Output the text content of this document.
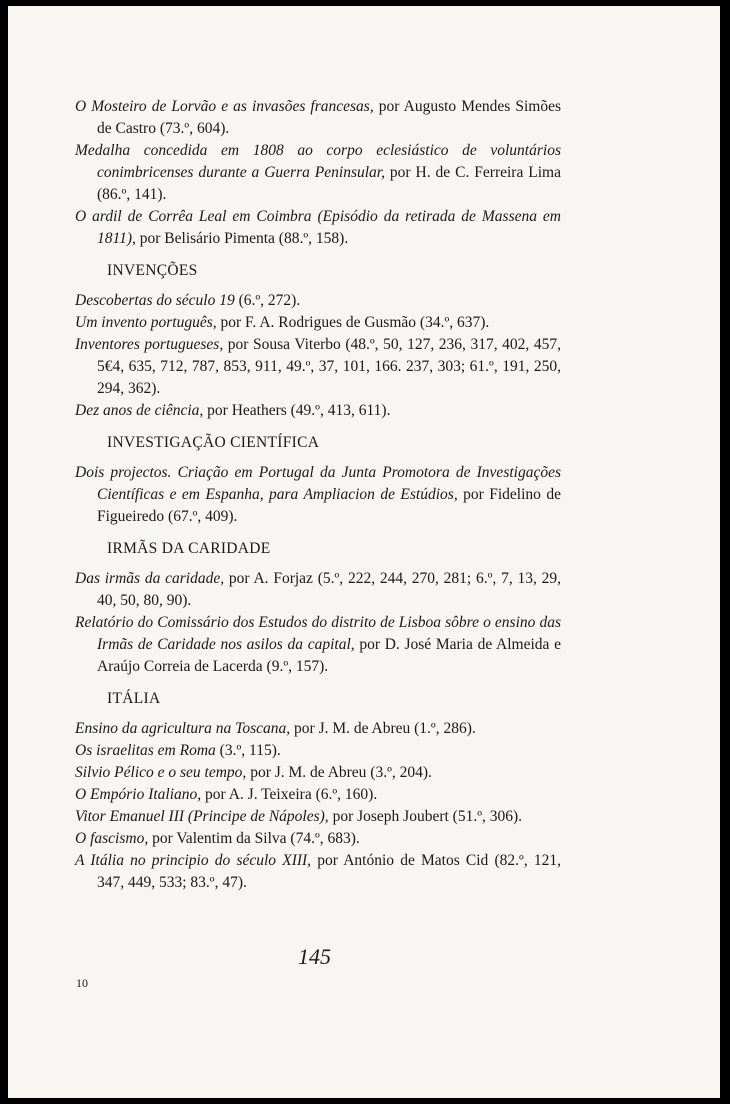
O Mosteiro de Lorvão e as invasões francesas, por Augusto Mendes Simões de Castro (73.º, 604).

Medalha concedida em 1808 ao corpo eclesiástico de voluntários conimbricenses durante a Guerra Peninsular, por H. de C. Ferreira Lima (86.º, 141).

O ardil de Corrêa Leal em Coimbra (Episódio da retirada de Massena em 1811), por Belisário Pimenta (88.º, 158).

INVENÇÕES

Descobertas do século 19 (6.º, 272).

Um invento português, por F. A. Rodrigues de Gusmão (34.º, 637).

Inventores portugueses, por Sousa Viterbo (48.º, 50, 127, 236, 317, 402, 457, 5€4, 635, 712, 787, 853, 911, 49.º, 37, 101, 166. 237, 303; 61.º, 191, 250, 294, 362).

Dez anos de ciência, por Heathers (49.º, 413, 611).

INVESTIGAÇÃO CIENTÍFICA

Dois projectos. Criação em Portugal da Junta Promotora de Investigações Científicas e em Espanha, para Ampliacion de Estúdios, por Fidelino de Figueiredo (67.º, 409).

IRMÃS DA CARIDADE

Das irmãs da caridade, por A. Forjaz (5.º, 222, 244, 270, 281; 6.º, 7, 13, 29, 40, 50, 80, 90).

Relatório do Comissário dos Estudos do distrito de Lisboa sôbre o ensino das Irmãs de Caridade nos asilos da capital, por D. José Maria de Almeida e Araújo Correia de Lacerda (9.º, 157).

ITÁLIA

Ensino da agricultura na Toscana, por J. M. de Abreu (1.º, 286).

Os israelitas em Roma (3.º, 115).

Silvio Pélico e o seu tempo, por J. M. de Abreu (3.º, 204).

O Empório Italiano, por A. J. Teixeira (6.º, 160).

Vitor Emanuel III (Principe de Nápoles), por Joseph Joubert (51.º, 306).

O fascismo, por Valentim da Silva (74.º, 683).

A Itália no principio do século XIII, por António de Matos Cid (82.º, 121, 347, 449, 533; 83.º, 47).

145
10
